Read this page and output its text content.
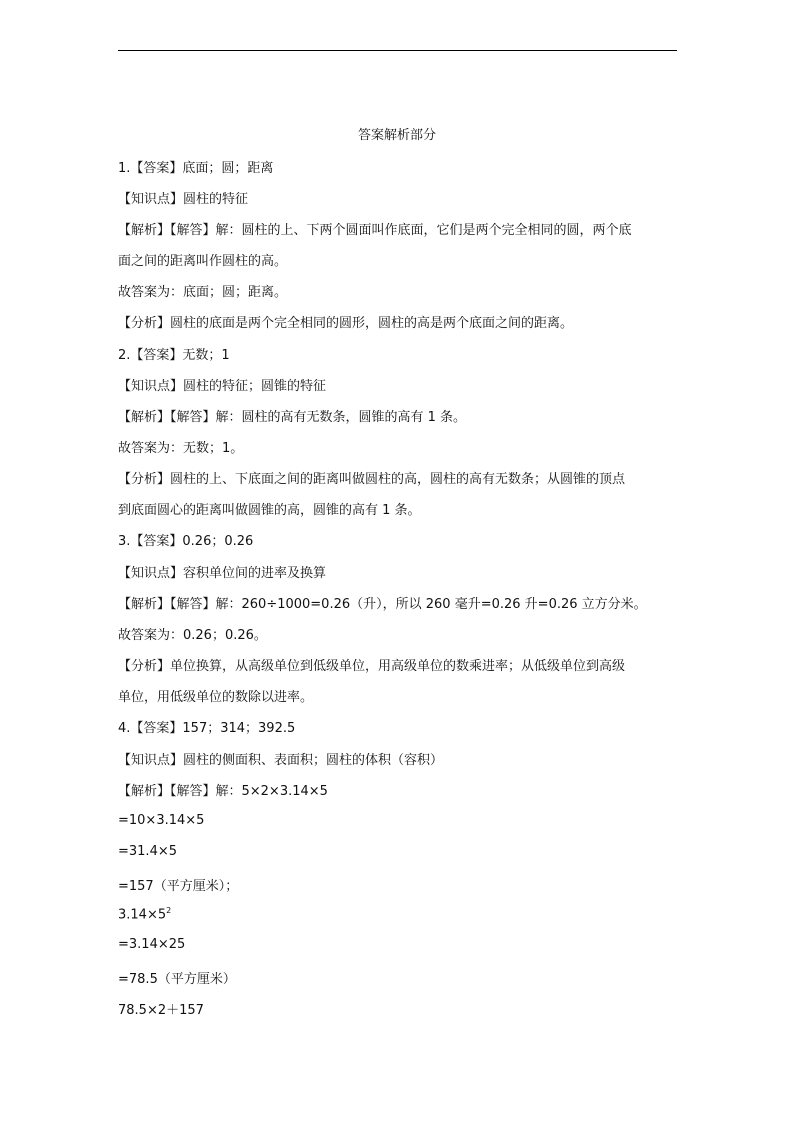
答案解析部分
1.【答案】底面；圆；距离
【知识点】圆柱的特征
【解析】【解答】解：圆柱的上、下两个圆面叫作底面，它们是两个完全相同的圆，两个底
面之间的距离叫作圆柱的高。
故答案为：底面；圆；距离。
【分析】圆柱的底面是两个完全相同的圆形，圆柱的高是两个底面之间的距离。
2.【答案】无数；1
【知识点】圆柱的特征；圆锥的特征
【解析】【解答】解：圆柱的高有无数条，圆锥的高有 1 条。
故答案为：无数；1。
【分析】圆柱的上、下底面之间的距离叫做圆柱的高，圆柱的高有无数条；从圆锥的顶点
到底面圆心的距离叫做圆锥的高，圆锥的高有 1 条。
3.【答案】0.26；0.26
【知识点】容积单位间的进率及换算
【解析】【解答】解：260÷1000=0.26（升），所以 260 毫升=0.26 升=0.26 立方分米。
故答案为：0.26；0.26。
【分析】单位换算，从高级单位到低级单位，用高级单位的数乘进率；从低级单位到高级
单位，用低级单位的数除以进率。
4.【答案】157；314；392.5
【知识点】圆柱的侧面积、表面积；圆柱的体积（容积）
【解析】【解答】解：5×2×3.14×5
=10×3.14×5
=31.4×5
=157（平方厘米）；
$3.14\times 5^2$
=3.14×25
=78.5（平方厘米）
78.5×2＋157
